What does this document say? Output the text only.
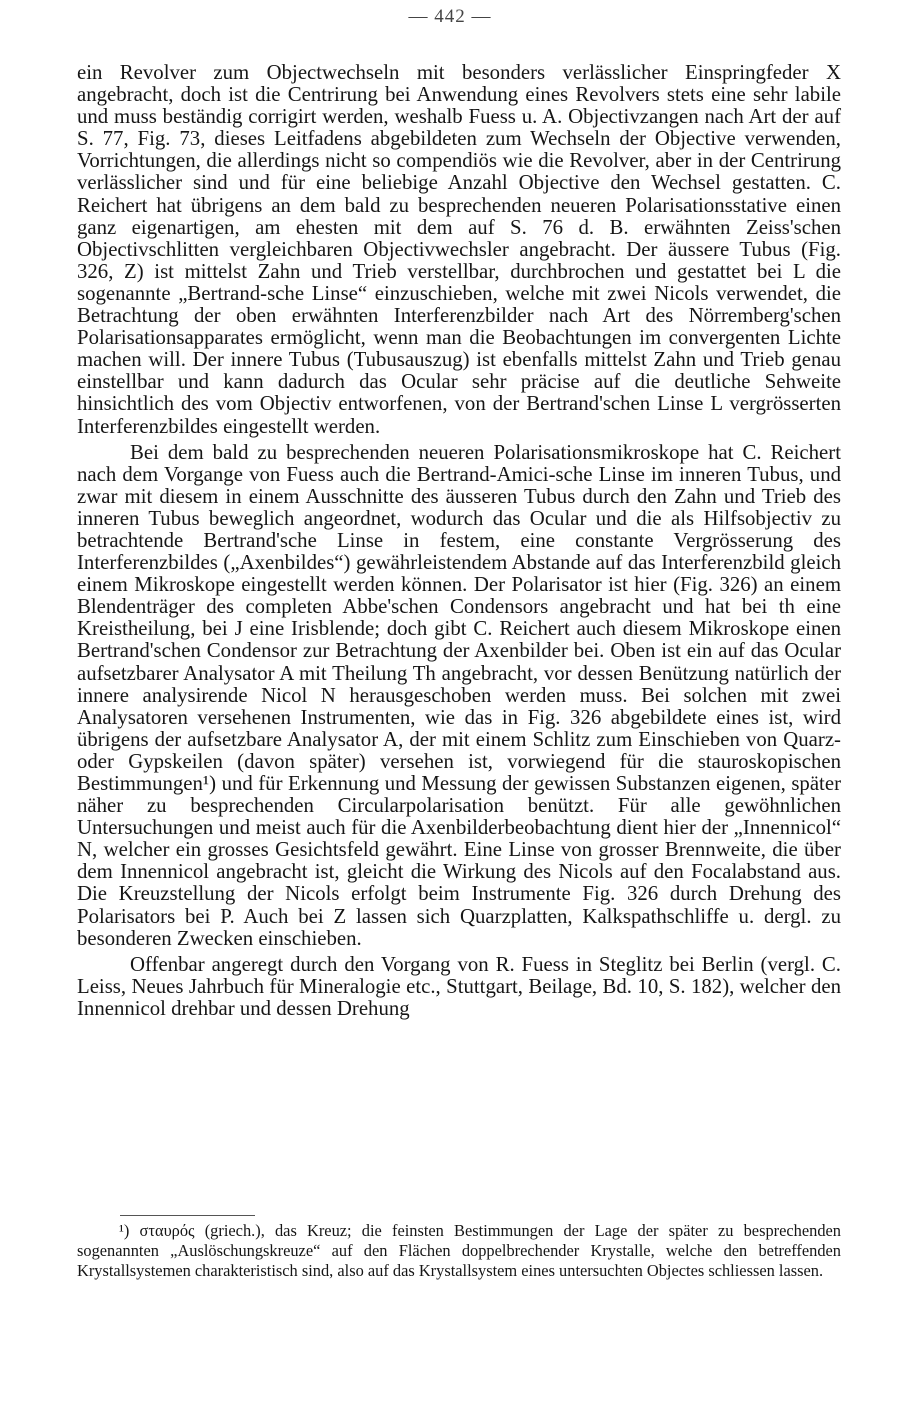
— 442 —

ein Revolver zum Objectwechseln mit besonders verlässlicher Einspringfeder X angebracht, doch ist die Centrirung bei Anwendung eines Revolvers stets eine sehr labile und muss beständig corrigirt werden, weshalb Fuess u. A. Objectivzangen nach Art der auf S. 77, Fig. 73, dieses Leitfadens abgebildeten zum Wechseln der Objective verwenden, Vorrichtungen, die allerdings nicht so compendiös wie die Revolver, aber in der Centrirung verlässlicher sind und für eine beliebige Anzahl Objective den Wechsel gestatten. C. Reichert hat übrigens an dem bald zu besprechenden neueren Polarisationsstative einen ganz eigenartigen, am ehesten mit dem auf S. 76 d. B. erwähnten Zeiss'schen Objectivschlitten vergleichbaren Objectivwechsler angebracht. Der äussere Tubus (Fig. 326, Z) ist mittelst Zahn und Trieb verstellbar, durchbrochen und gestattet bei L die sogenannte „Bertrand-sche Linse“ einzuschieben, welche mit zwei Nicols verwendet, die Betrachtung der oben erwähnten Interferenzbilder nach Art des Nörremberg'schen Polarisationsapparates ermöglicht, wenn man die Beobachtungen im convergenten Lichte machen will. Der innere Tubus (Tubusauszug) ist ebenfalls mittelst Zahn und Trieb genau einstellbar und kann dadurch das Ocular sehr präcise auf die deutliche Sehweite hinsichtlich des vom Objectiv entworfenen, von der Bertrand'schen Linse L vergrösserten Interferenzbildes eingestellt werden.

Bei dem bald zu besprechenden neueren Polarisationsmikroskope hat C. Reichert nach dem Vorgange von Fuess auch die Bertrand-Amici-sche Linse im inneren Tubus, und zwar mit diesem in einem Ausschnitte des äusseren Tubus durch den Zahn und Trieb des inneren Tubus beweglich angeordnet, wodurch das Ocular und die als Hilfsobjectiv zu betrachtende Bertrand'sche Linse in festem, eine constante Vergrösserung des Interferenzbildes („Axenbildes“) gewährleistendem Abstande auf das Interferenzbild gleich einem Mikroskope eingestellt werden können. Der Polarisator ist hier (Fig. 326) an einem Blendenträger des completen Abbe'schen Condensors angebracht und hat bei th eine Kreistheilung, bei J eine Irisblende; doch gibt C. Reichert auch diesem Mikroskope einen Bertrand'schen Condensor zur Betrachtung der Axenbilder bei. Oben ist ein auf das Ocular aufsetzbarer Analysator A mit Theilung Th angebracht, vor dessen Benützung natürlich der innere analysirende Nicol N herausgeschoben werden muss. Bei solchen mit zwei Analysatoren versehenen Instrumenten, wie das in Fig. 326 abgebildete eines ist, wird übrigens der aufsetzbare Analysator A, der mit einem Schlitz zum Einschieben von Quarz- oder Gypskeilen (davon später) versehen ist, vorwiegend für die stauroskopischen Bestimmungen¹) und für Erkennung und Messung der gewissen Substanzen eigenen, später näher zu besprechenden Circularpolarisation benützt. Für alle gewöhnlichen Untersuchungen und meist auch für die Axenbilderbeobachtung dient hier der „Innennicol“ N, welcher ein grosses Gesichtsfeld gewährt. Eine Linse von grosser Brennweite, die über dem Innennicol angebracht ist, gleicht die Wirkung des Nicols auf den Focalabstand aus. Die Kreuzstellung der Nicols erfolgt beim Instrumente Fig. 326 durch Drehung des Polarisators bei P. Auch bei Z lassen sich Quarzplatten, Kalkspathschliffe u. dergl. zu besonderen Zwecken einschieben.

Offenbar angeregt durch den Vorgang von R. Fuess in Steglitz bei Berlin (vergl. C. Leiss, Neues Jahrbuch für Mineralogie etc., Stuttgart, Beilage, Bd. 10, S. 182), welcher den Innennicol drehbar und dessen Drehung

¹) σταυρός (griech.), das Kreuz; die feinsten Bestimmungen der Lage der später zu besprechenden sogenannten „Auslöschungskreuze“ auf den Flächen doppelbrechender Krystalle, welche den betreffenden Krystallsystemen charakteristisch sind, also auf das Krystallsystem eines untersuchten Objectes schliessen lassen.
